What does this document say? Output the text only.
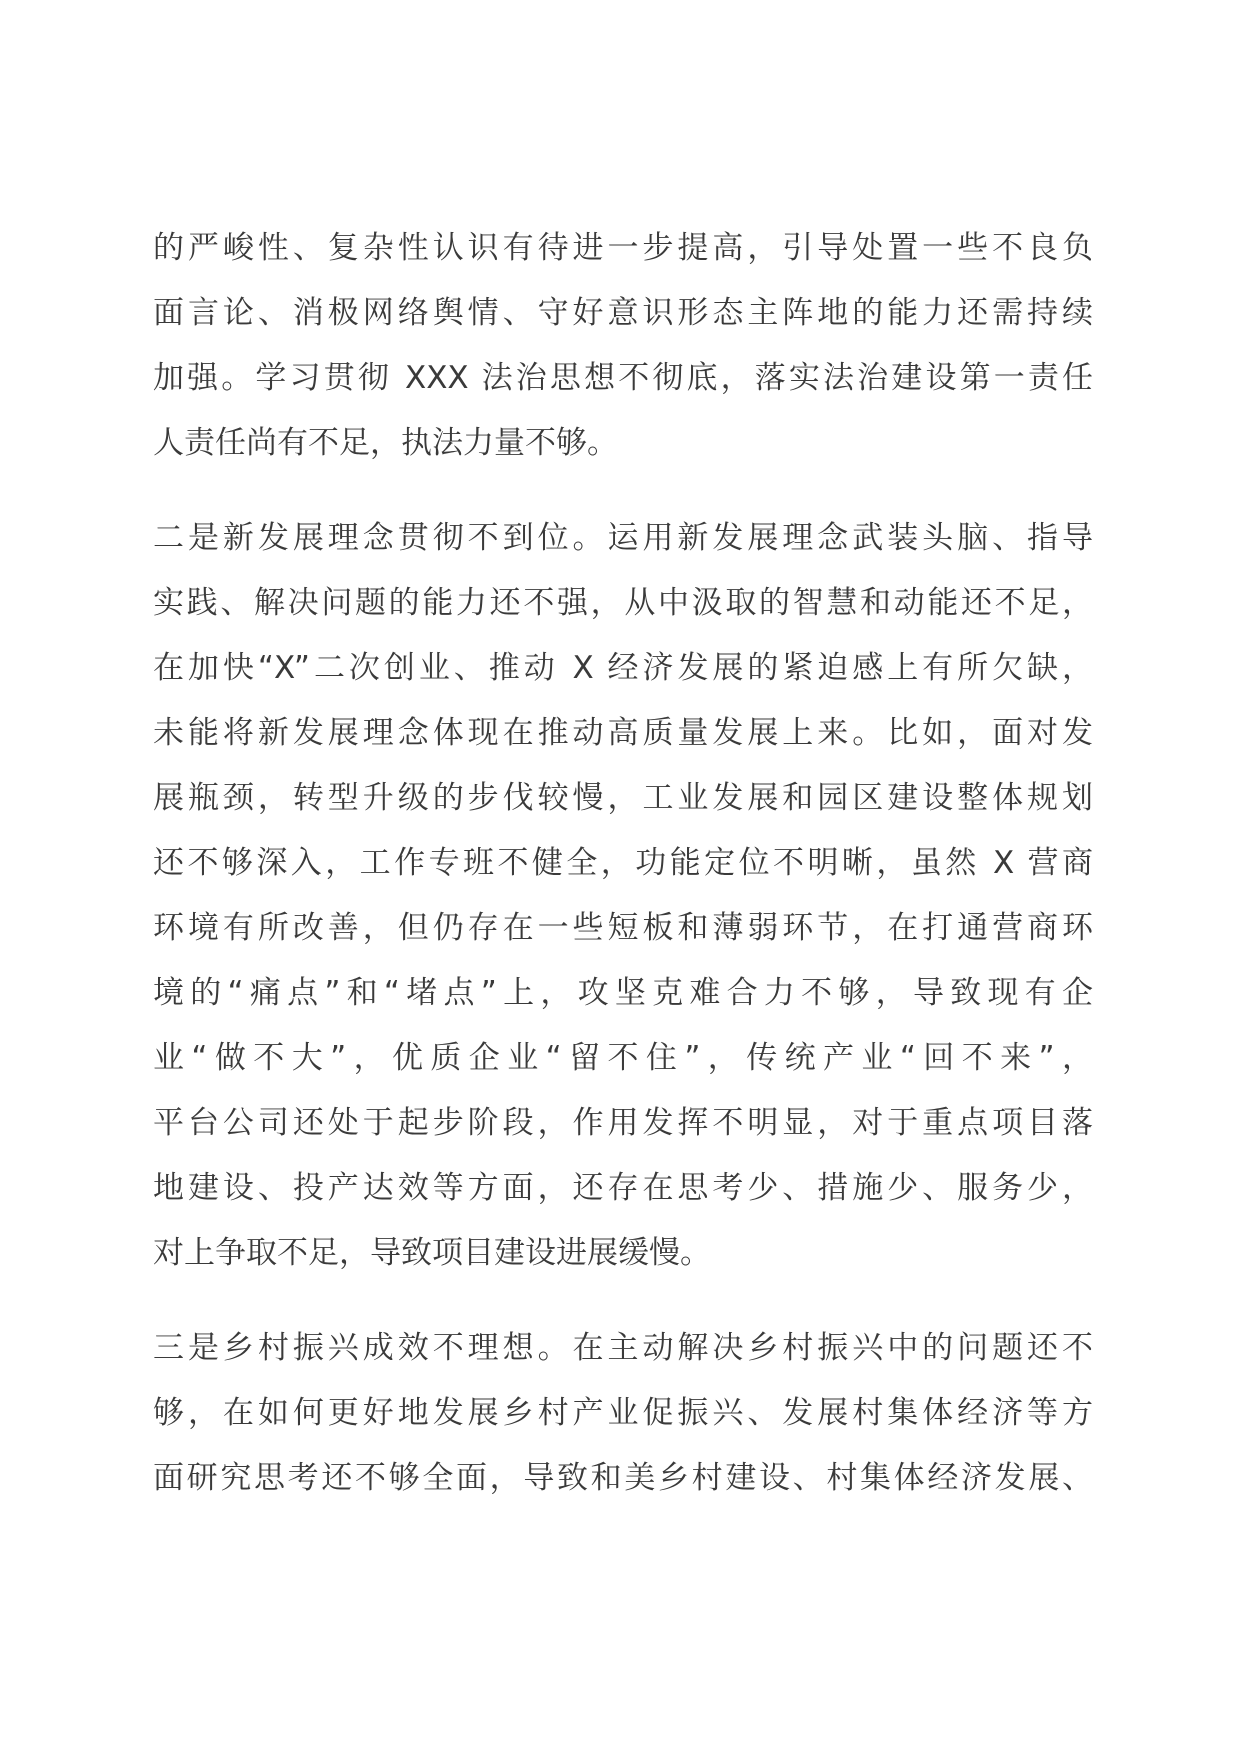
的严峻性、复杂性认识有待进一步提高，引导处置一些不良负
面言论、消极网络舆情、守好意识形态主阵地的能力还需持续
加强。学习贯彻 XXX 法治思想不彻底，落实法治建设第一责任
人责任尚有不足，执法力量不够。
二是新发展理念贯彻不到位。运用新发展理念武装头脑、指导
实践、解决问题的能力还不强，从中汲取的智慧和动能还不足，
在加快“X”二次创业、推动 X 经济发展的紧迫感上有所欠缺，
未能将新发展理念体现在推动高质量发展上来。比如，面对发
展瓶颈，转型升级的步伐较慢，工业发展和园区建设整体规划
还不够深入，工作专班不健全，功能定位不明晰，虽然 X 营商
环境有所改善，但仍存在一些短板和薄弱环节，在打通营商环
境的“痛点”和“堵点”上，攻坚克难合力不够，导致现有企
业“做不大”，优质企业“留不住”，传统产业“回不来”，
平台公司还处于起步阶段，作用发挥不明显，对于重点项目落
地建设、投产达效等方面，还存在思考少、措施少、服务少，
对上争取不足，导致项目建设进展缓慢。
三是乡村振兴成效不理想。在主动解决乡村振兴中的问题还不
够，在如何更好地发展乡村产业促振兴、发展村集体经济等方
面研究思考还不够全面，导致和美乡村建设、村集体经济发展、
